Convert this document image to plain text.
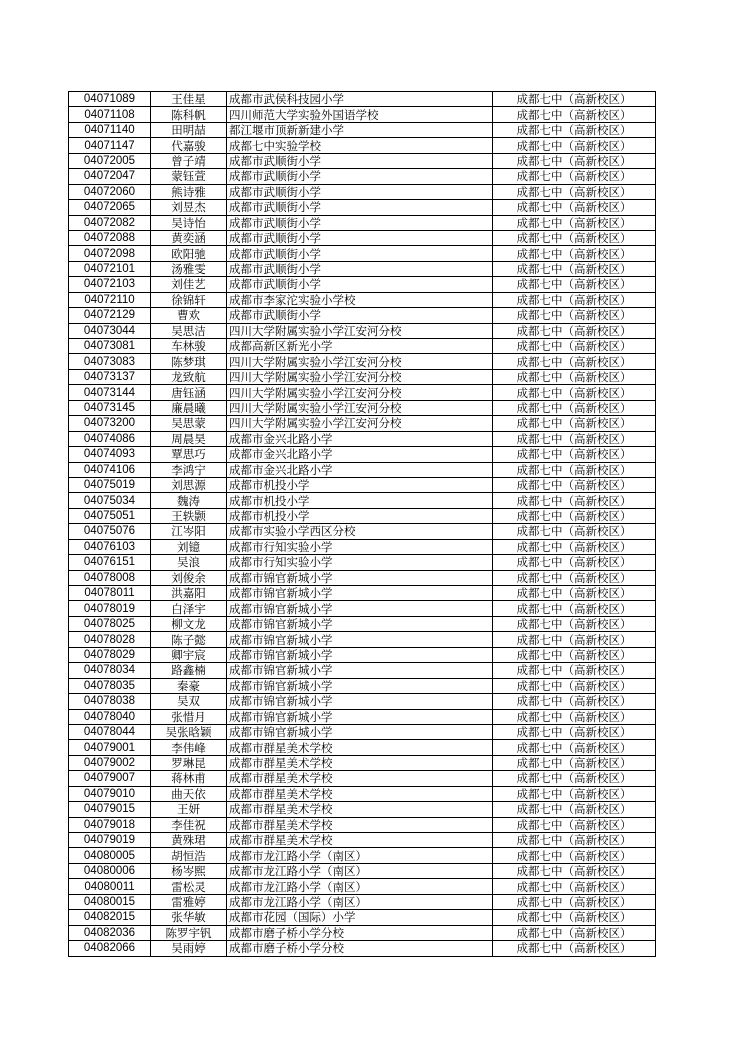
04071089	王佳星	成都市武侯科技园小学	成都七中（高新校区）
04071108	陈科帆	四川师范大学实验外国语学校	成都七中（高新校区）
04071140	田明喆	都江堰市顶新新建小学	成都七中（高新校区）
04071147	代嘉骏	成都七中实验学校	成都七中（高新校区）
04072005	曾子靖	成都市武顺街小学	成都七中（高新校区）
04072047	蒙钰萱	成都市武顺街小学	成都七中（高新校区）
04072060	熊诗雅	成都市武顺街小学	成都七中（高新校区）
04072065	刘昱杰	成都市武顺街小学	成都七中（高新校区）
04072082	吴诗怡	成都市武顺街小学	成都七中（高新校区）
04072088	黄奕涵	成都市武顺街小学	成都七中（高新校区）
04072098	欧阳驰	成都市武顺街小学	成都七中（高新校区）
04072101	汤雅雯	成都市武顺街小学	成都七中（高新校区）
04072103	刘佳艺	成都市武顺街小学	成都七中（高新校区）
04072110	徐锦轩	成都市李家沱实验小学校	成都七中（高新校区）
04072129	曹欢	成都市武顺街小学	成都七中（高新校区）
04073044	吴思洁	四川大学附属实验小学江安河分校	成都七中（高新校区）
04073081	车林骏	成都高新区新光小学	成都七中（高新校区）
04073083	陈梦琪	四川大学附属实验小学江安河分校	成都七中（高新校区）
04073137	龙致航	四川大学附属实验小学江安河分校	成都七中（高新校区）
04073144	唐钰涵	四川大学附属实验小学江安河分校	成都七中（高新校区）
04073145	廉晨曦	四川大学附属实验小学江安河分校	成都七中（高新校区）
04073200	吴思蒙	四川大学附属实验小学江安河分校	成都七中（高新校区）
04074086	周晨昊	成都市金兴北路小学	成都七中（高新校区）
04074093	覃思巧	成都市金兴北路小学	成都七中（高新校区）
04074106	李鸿宁	成都市金兴北路小学	成都七中（高新校区）
04075019	刘思源	成都市机投小学	成都七中（高新校区）
04075034	魏涛	成都市机投小学	成都七中（高新校区）
04075051	王轶颢	成都市机投小学	成都七中（高新校区）
04075076	江岑阳	成都市实验小学西区分校	成都七中（高新校区）
04076103	刘镱	成都市行知实验小学	成都七中（高新校区）
04076151	吴浪	成都市行知实验小学	成都七中（高新校区）
04078008	刘俊余	成都市锦官新城小学	成都七中（高新校区）
04078011	洪嘉阳	成都市锦官新城小学	成都七中（高新校区）
04078019	白泽宇	成都市锦官新城小学	成都七中（高新校区）
04078025	柳文龙	成都市锦官新城小学	成都七中（高新校区）
04078028	陈子懿	成都市锦官新城小学	成都七中（高新校区）
04078029	卿宇宸	成都市锦官新城小学	成都七中（高新校区）
04078034	路鑫楠	成都市锦官新城小学	成都七中（高新校区）
04078035	秦豪	成都市锦官新城小学	成都七中（高新校区）
04078038	吴双	成都市锦官新城小学	成都七中（高新校区）
04078040	张惜月	成都市锦官新城小学	成都七中（高新校区）
04078044	吴张晗颖	成都市锦官新城小学	成都七中（高新校区）
04079001	李伟峰	成都市群星美术学校	成都七中（高新校区）
04079002	罗琳昆	成都市群星美术学校	成都七中（高新校区）
04079007	蒋林甫	成都市群星美术学校	成都七中（高新校区）
04079010	曲天依	成都市群星美术学校	成都七中（高新校区）
04079015	王妍	成都市群星美术学校	成都七中（高新校区）
04079018	李佳祝	成都市群星美术学校	成都七中（高新校区）
04079019	黄殊珺	成都市群星美术学校	成都七中（高新校区）
04080005	胡恒浩	成都市龙江路小学（南区）	成都七中（高新校区）
04080006	杨岑熙	成都市龙江路小学（南区）	成都七中（高新校区）
04080011	雷松灵	成都市龙江路小学（南区）	成都七中（高新校区）
04080015	雷雅婷	成都市龙江路小学（南区）	成都七中（高新校区）
04082015	张华敏	成都市花园（国际）小学	成都七中（高新校区）
04082036	陈罗宇钒	成都市磨子桥小学分校	成都七中（高新校区）
04082066	吴雨婷	成都市磨子桥小学分校	成都七中（高新校区）
